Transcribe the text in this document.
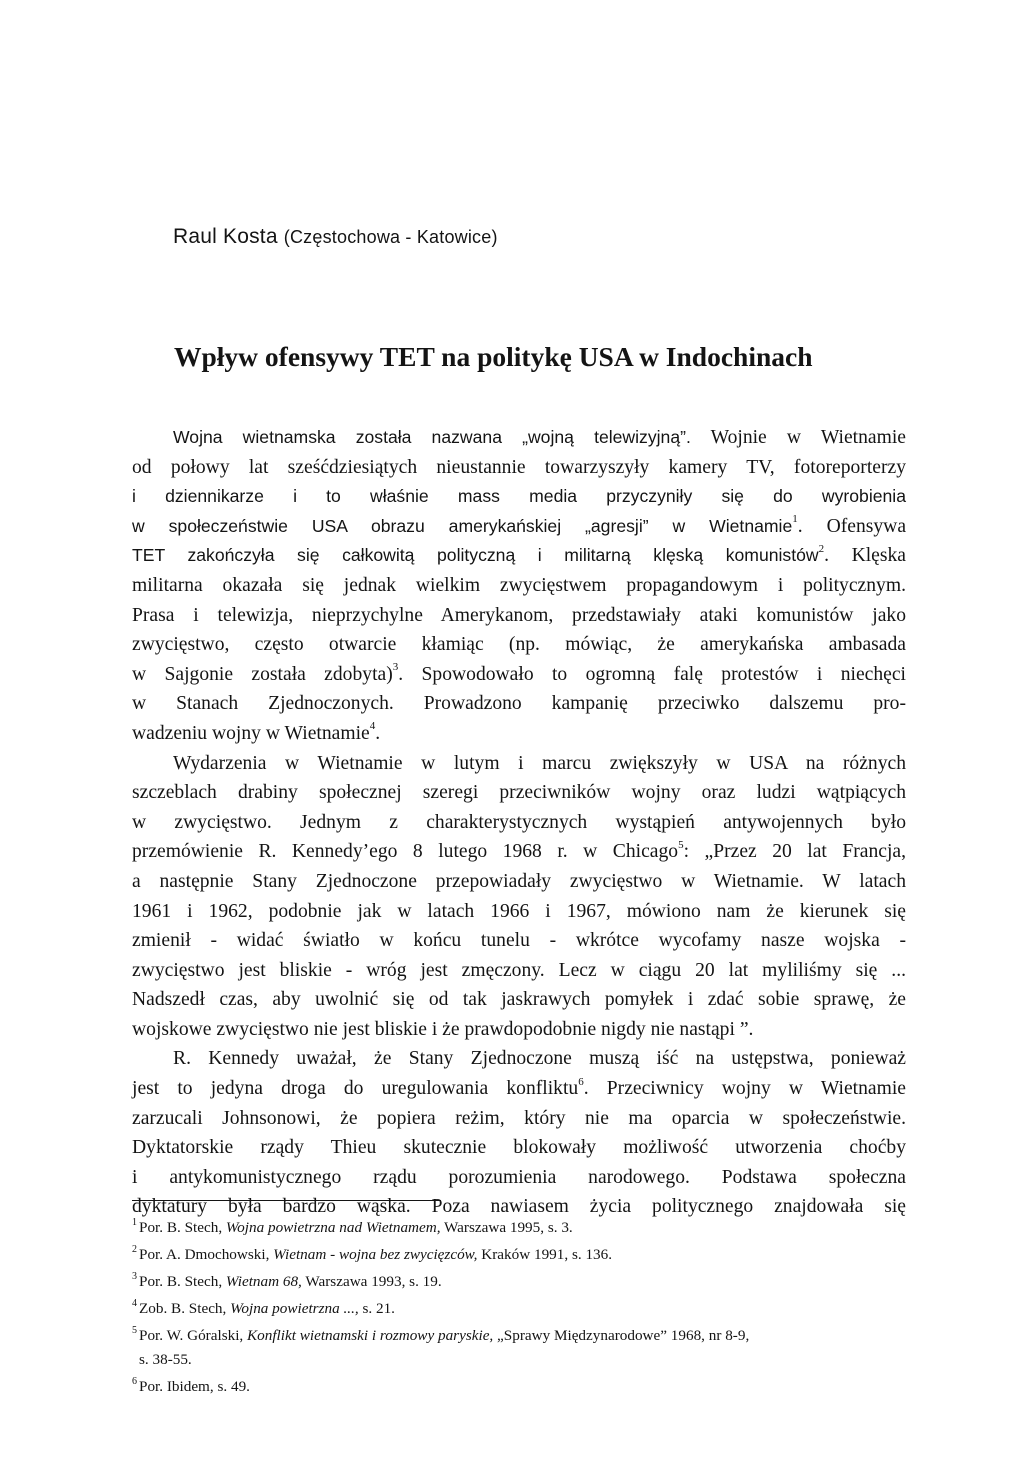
Raul Kosta (Częstochowa - Katowice)
Wpływ ofensywy TET na politykę USA w Indochinach
Wojna wietnamska została nazwana „wojną telewizyjną”. Wojnie w Wietnamie
od połowy lat sześćdziesiątych nieustannie towarzyszyły kamery TV, fotoreporterzy
i dziennikarze i to właśnie mass media przyczyniły się do wyrobienia
w społeczeństwie USA obrazu amerykańskiej „agresji” w Wietnamie$^1$. Ofensywa
TET zakończyła się całkowitą polityczną i militarną klęską komunistów$^2$. Klęska
militarna okazała się jednak wielkim zwycięstwem propagandowym i politycznym.
Prasa i telewizja, nieprzychylne Amerykanom, przedstawiały ataki komunistów jako
zwycięstwo, często otwarcie kłamiąc (np. mówiąc, że amerykańska ambasada
w Sajgonie została zdobyta)$^3$. Spowodowało to ogromną falę protestów i niechęci
w Stanach Zjednoczonych. Prowadzono kampanię przeciwko dalszemu pro-
wadzeniu wojny w Wietnamie$^4$.
Wydarzenia w Wietnamie w lutym i marcu zwiększyły w USA na różnych
szczeblach drabiny społecznej szeregi przeciwników wojny oraz ludzi wątpiących
w zwycięstwo. Jednym z charakterystycznych wystąpień antywojennych było
przemówienie R. Kennedy’ego 8 lutego 1968 r. w Chicago$^5$: „Przez 20 lat Francja,
a następnie Stany Zjednoczone przepowiadały zwycięstwo w Wietnamie. W latach
1961 i 1962, podobnie jak w latach 1966 i 1967, mówiono nam że kierunek się
zmienił - widać światło w końcu tunelu - wkrótce wycofamy nasze wojska -
zwycięstwo jest bliskie - wróg jest zmęczony. Lecz w ciągu 20 lat myliliśmy się ...
Nadszedł czas, aby uwolnić się od tak jaskrawych pomyłek i zdać sobie sprawę, że
wojskowe zwycięstwo nie jest bliskie i że prawdopodobnie nigdy nie nastąpi ”.
R. Kennedy uważał, że Stany Zjednoczone muszą iść na ustępstwa, ponieważ
jest to jedyna droga do uregulowania konfliktu$^6$. Przeciwnicy wojny w Wietnamie
zarzucali Johnsonowi, że popiera reżim, który nie ma oparcia w społeczeństwie.
Dyktatorskie rządy Thieu skutecznie blokowały możliwość utworzenia choćby
i antykomunistycznego rządu porozumienia narodowego. Podstawa społeczna
dyktatury była bardzo wąska. Poza nawiasem życia politycznego znajdowała się
1 Por. B. Stech, Wojna powietrzna nad Wietnamem, Warszawa 1995, s. 3.
2 Por. A. Dmochowski, Wietnam - wojna bez zwycięzców, Kraków 1991, s. 136.
3 Por. B. Stech, Wietnam 68, Warszawa 1993, s. 19.
4 Zob. B. Stech, Wojna powietrzna ..., s. 21.
5 Por. W. Góralski, Konflikt wietnamski i rozmowy paryskie, „Sprawy Międzynarodowe” 1968, nr 8-9,
s. 38-55.
6 Por. Ibidem, s. 49.
